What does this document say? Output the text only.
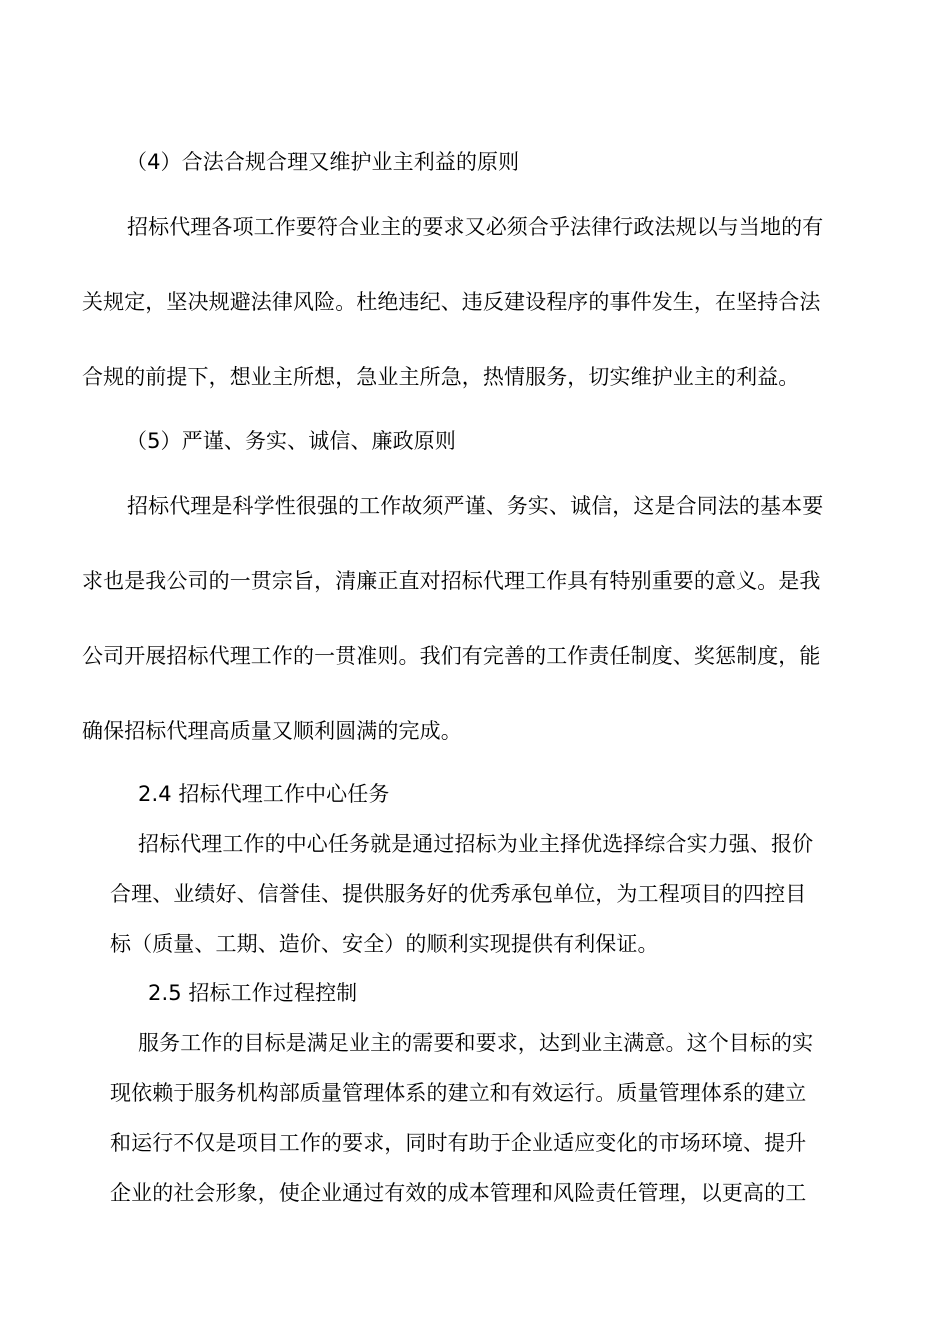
（4）合法合规合理又维护业主利益的原则
招标代理各项工作要符合业主的要求又必须合乎法律行政法规以与当地的有
关规定，坚决规避法律风险。杜绝违纪、违反建设程序的事件发生，在坚持合法
合规的前提下，想业主所想，急业主所急，热情服务，切实维护业主的利益。
（5）严谨、务实、诚信、廉政原则
招标代理是科学性很强的工作故须严谨、务实、诚信，这是合同法的基本要
求也是我公司的一贯宗旨，清廉正直对招标代理工作具有特别重要的意义。是我
公司开展招标代理工作的一贯准则。我们有完善的工作责任制度、奖惩制度，能
确保招标代理高质量又顺利圆满的完成。
2.4 招标代理工作中心任务
招标代理工作的中心任务就是通过招标为业主择优选择综合实力强、报价
合理、业绩好、信誉佳、提供服务好的优秀承包单位，为工程项目的四控目
标（质量、工期、造价、安全）的顺利实现提供有利保证。
2.5 招标工作过程控制
服务工作的目标是满足业主的需要和要求，达到业主满意。这个目标的实
现依赖于服务机构部质量管理体系的建立和有效运行。质量管理体系的建立
和运行不仅是项目工作的要求，同时有助于企业适应变化的市场环境、提升
企业的社会形象，使企业通过有效的成本管理和风险责任管理，以更高的工
